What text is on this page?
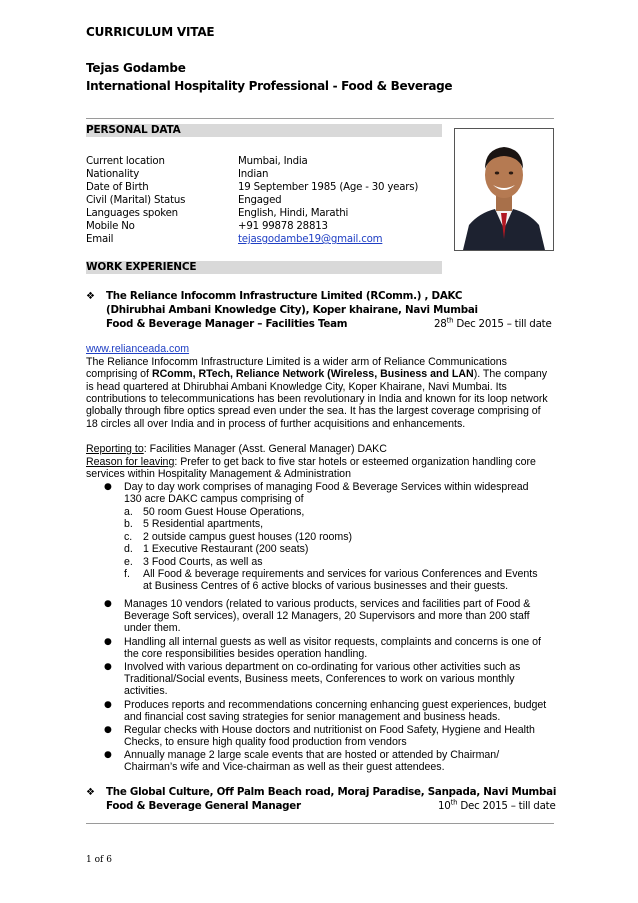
CURRICULUM VITAE
Tejas Godambe
International Hospitality Professional - Food & Beverage
PERSONAL DATA
Current location	Mumbai, India
Nationality	Indian
Date of Birth	19 September 1985 (Age - 30 years)
Civil (Marital) Status	Engaged
Languages spoken	English, Hindi, Marathi
Mobile No	+91 99878 28813
Email	tejasgodambe19@gmail.com
WORK EXPERIENCE
❖ The Reliance Infocomm Infrastructure Limited (RComm.) , DAKC
(Dhirubhai Ambani Knowledge City), Koper khairane, Navi Mumbai
Food & Beverage Manager – Facilities Team	28th Dec 2015 – till date
www.relianceada.com
The Reliance Infocomm Infrastructure Limited is a wider arm of Reliance Communications
comprising of RComm, RTech, Reliance Network (Wireless, Business and LAN). The company
is head quartered at Dhirubhai Ambani Knowledge City, Koper Khairane, Navi Mumbai. Its
contributions to telecommunications has been revolutionary in India and known for its loop network
globally through fibre optics spread even under the sea. It has the largest coverage comprising of
18 circles all over India and in process of further acquisitions and enhancements.
Reporting to: Facilities Manager (Asst. General Manager) DAKC
Reason for leaving: Prefer to get back to five star hotels or esteemed organization handling core
services within Hospitality Management & Administration
● Day to day work comprises of managing Food & Beverage Services within widespread
130 acre DAKC campus comprising of
a. 50 room Guest House Operations,
b. 5 Residential apartments,
c. 2 outside campus guest houses (120 rooms)
d. 1 Executive Restaurant (200 seats)
e. 3 Food Courts, as well as
f. All Food & beverage requirements and services for various Conferences and Events
at Business Centres of 6 active blocks of various businesses and their guests.
● Manages 10 vendors (related to various products, services and facilities part of Food &
Beverage Soft services), overall 12 Managers, 20 Supervisors and more than 200 staff
under them.
● Handling all internal guests as well as visitor requests, complaints and concerns is one of
the core responsibilities besides operation handling.
● Involved with various department on co-ordinating for various other activities such as
Traditional/Social events, Business meets, Conferences to work on various monthly
activities.
● Produces reports and recommendations concerning enhancing guest experiences, budget
and financial cost saving strategies for senior management and business heads.
● Regular checks with House doctors and nutritionist on Food Safety, Hygiene and Health
Checks, to ensure high quality food production from vendors
● Annually manage 2 large scale events that are hosted or attended by Chairman/
Chairman’s wife and Vice-chairman as well as their guest attendees.
❖ The Global Culture, Off Palm Beach road, Moraj Paradise, Sanpada, Navi Mumbai
Food & Beverage General Manager	10th Dec 2015 – till date
1 of 6
